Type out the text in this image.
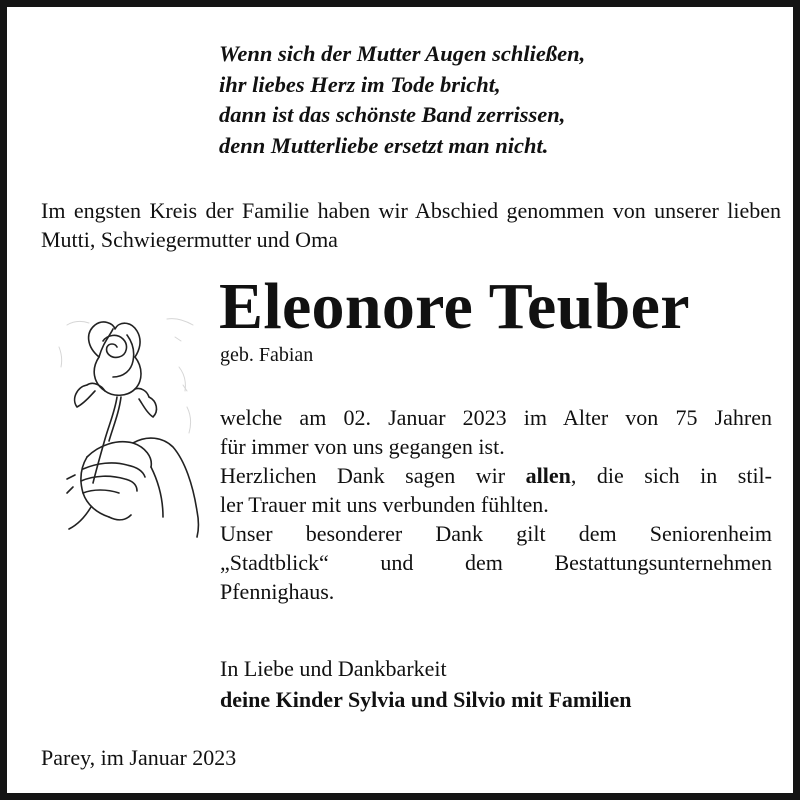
Wenn sich der Mutter Augen schließen,
ihr liebes Herz im Tode bricht,
dann ist das schönste Band zerrissen,
denn Mutterliebe ersetzt man nicht.
Im engsten Kreis der Familie haben wir Abschied genommen von unserer lieben Mutti, Schwiegermutter und Oma
Eleonore Teuber
geb. Fabian
welche am 02. Januar 2023 im Alter von 75 Jahren
für immer von uns gegangen ist.
Herzlichen Dank sagen wir allen, die sich in stil-
ler Trauer mit uns verbunden fühlten.
Unser besonderer Dank gilt dem Seniorenheim
„Stadtblick“ und dem Bestattungsunternehmen
Pfennighaus.
In Liebe und Dankbarkeit
deine Kinder Sylvia und Silvio mit Familien
Parey, im Januar 2023
